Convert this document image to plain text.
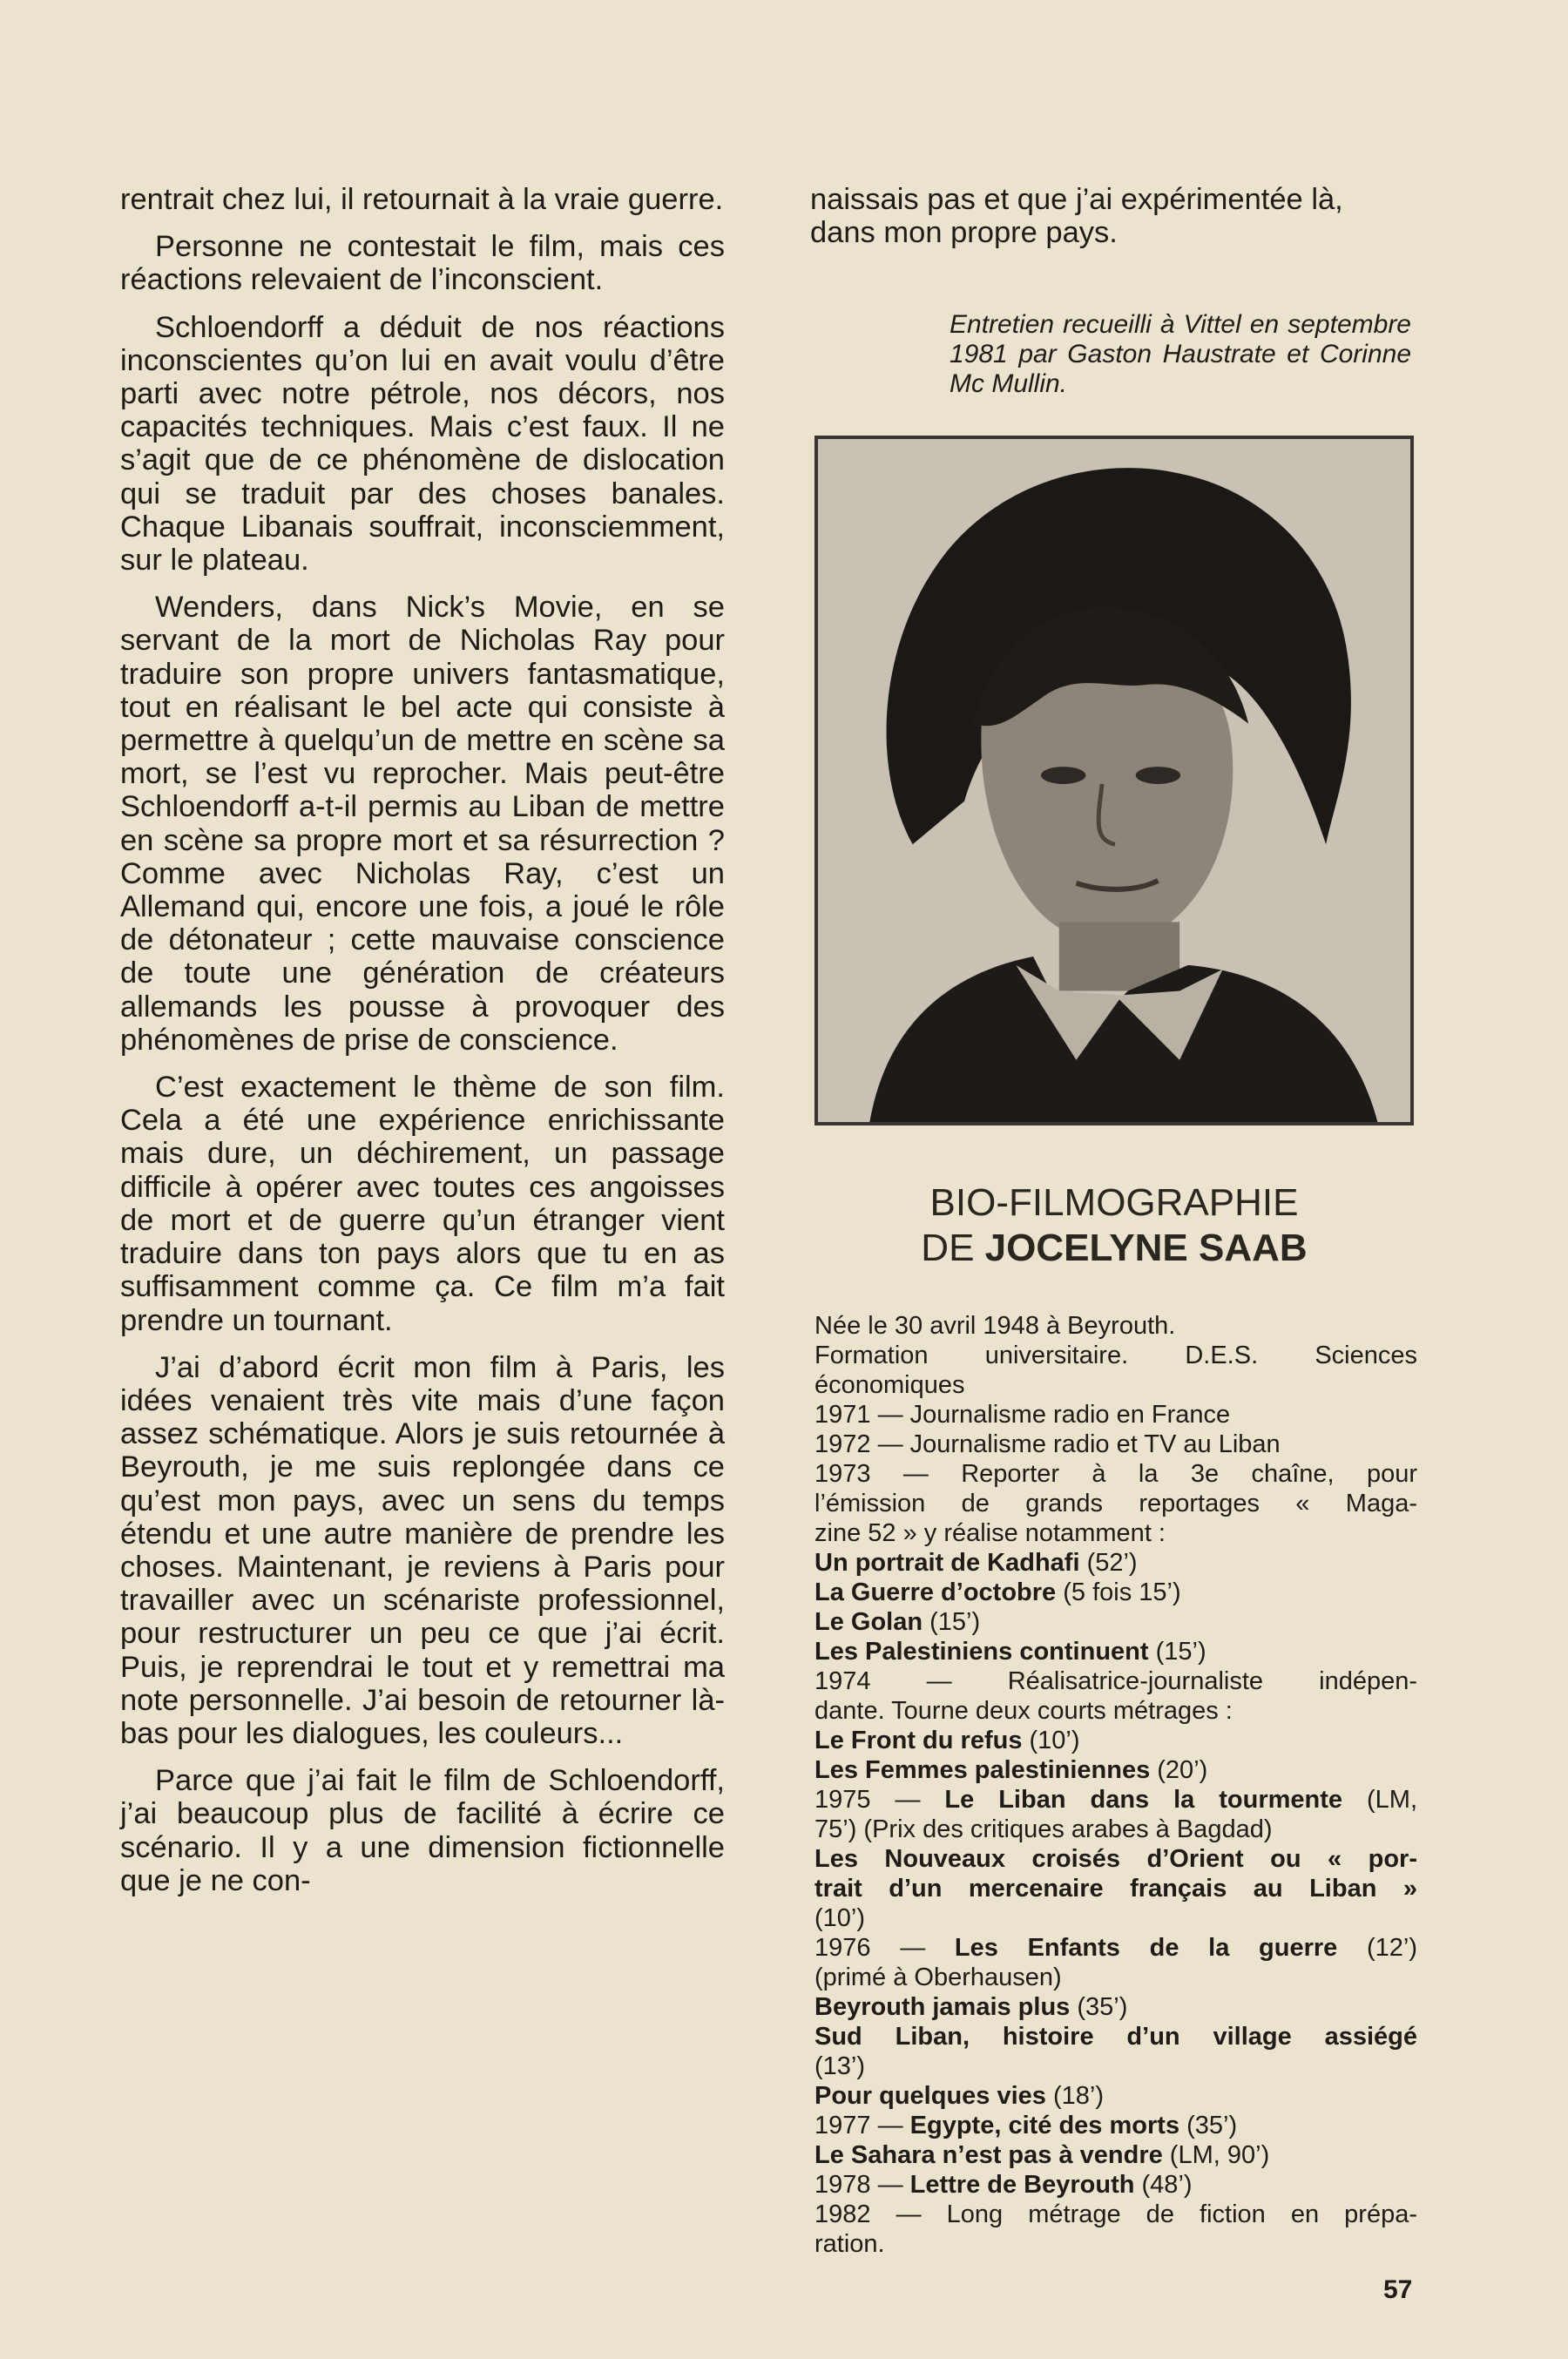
rentrait chez lui, il retournait à la vraie guerre.

Personne ne contestait le film, mais ces réactions relevaient de l’inconscient.

Schloendorff a déduit de nos réactions inconscientes qu’on lui en avait voulu d’être parti avec notre pétrole, nos décors, nos capacités techniques. Mais c’est faux. Il ne s’agit que de ce phénomène de dislocation qui se traduit par des choses banales. Chaque Libanais souffrait, inconsciemment, sur le plateau.

Wenders, dans Nick’s Movie, en se servant de la mort de Nicholas Ray pour traduire son propre univers fantasmatique, tout en réalisant le bel acte qui consiste à permettre à quelqu’un de mettre en scène sa mort, se l’est vu reprocher. Mais peut-être Schloendorff a-t-il permis au Liban de mettre en scène sa propre mort et sa résurrection ? Comme avec Nicholas Ray, c’est un Allemand qui, encore une fois, a joué le rôle de détonateur ; cette mauvaise conscience de toute une génération de créateurs allemands les pousse à provoquer des phénomènes de prise de conscience.

C’est exactement le thème de son film. Cela a été une expérience enrichissante mais dure, un déchirement, un passage difficile à opérer avec toutes ces angoisses de mort et de guerre qu’un étranger vient traduire dans ton pays alors que tu en as suffisamment comme ça. Ce film m’a fait prendre un tournant.

J’ai d’abord écrit mon film à Paris, les idées venaient très vite mais d’une façon assez schématique. Alors je suis retournée à Beyrouth, je me suis replongée dans ce qu’est mon pays, avec un sens du temps étendu et une autre manière de prendre les choses. Maintenant, je reviens à Paris pour travailler avec un scénariste professionnel, pour restructurer un peu ce que j’ai écrit. Puis, je reprendrai le tout et y remettrai ma note personnelle. J’ai besoin de retourner là-bas pour les dialogues, les couleurs...

Parce que j’ai fait le film de Schloendorff, j’ai beaucoup plus de facilité à écrire ce scénario. Il y a une dimension fictionnelle que je ne con-

naissais pas et que j’ai expérimentée là, dans mon propre pays.

Entretien recueilli à Vittel en septembre 1981 par Gaston Haustrate et Corinne Mc Mullin.

BIO-FILMOGRAPHIE
DE JOCELYNE SAAB
Née le 30 avril 1948 à Beyrouth.
Formation universitaire. D.E.S. Sciences
économiques
1971 — Journalisme radio en France
1972 — Journalisme radio et TV au Liban
1973 — Reporter à la 3e chaîne, pour
l’émission de grands reportages « Maga-
zine 52 » y réalise notamment :
Un portrait de Kadhafi (52’)
La Guerre d’octobre (5 fois 15’)
Le Golan (15’)
Les Palestiniens continuent (15’)
1974 — Réalisatrice-journaliste indépen-
dante. Tourne deux courts métrages :
Le Front du refus (10’)
Les Femmes palestiniennes (20’)
1975 — Le Liban dans la tourmente (LM,
75’) (Prix des critiques arabes à Bagdad)
Les Nouveaux croisés d’Orient ou « por-
trait d’un mercenaire français au Liban »
(10’)
1976 — Les Enfants de la guerre (12’)
(primé à Oberhausen)
Beyrouth jamais plus (35’)
Sud Liban, histoire d’un village assiégé
(13’)
Pour quelques vies (18’)
1977 — Egypte, cité des morts (35’)
Le Sahara n’est pas à vendre (LM, 90’)
1978 — Lettre de Beyrouth (48’)
1982 — Long métrage de fiction en prépa-
ration.
57
